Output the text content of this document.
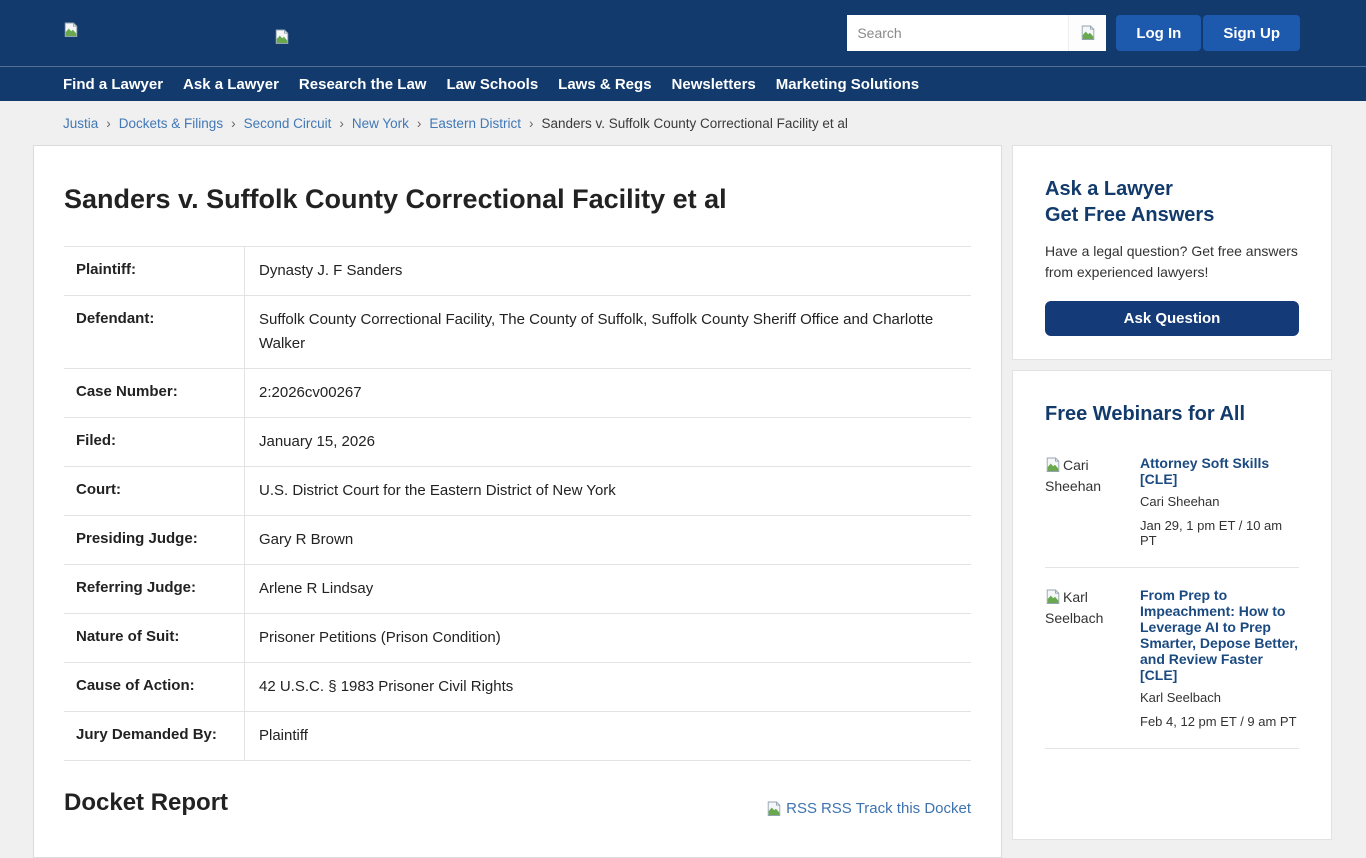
Search
Log In	Sign Up
Find a Lawyer Ask a Lawyer Research the Law Law Schools Laws & Regs Newsletters Marketing Solutions
Justia › Dockets & Filings › Second Circuit › New York › Eastern District › Sanders v. Suffolk County Correctional Facility et al
Sanders v. Suffolk County Correctional Facility et al
Plaintiff:	Dynasty J. F Sanders
Defendant:	Suffolk County Correctional Facility, The County of Suffolk, Suffolk County Sheriff Office and Charlotte Walker
Case Number:	2:2026cv00267
Filed:	January 15, 2026
Court:	U.S. District Court for the Eastern District of New York
Presiding Judge:	Gary R Brown
Referring Judge:	Arlene R Lindsay
Nature of Suit:	Prisoner Petitions (Prison Condition)
Cause of Action:	42 U.S.C. § 1983 Prisoner Civil Rights
Jury Demanded By:	Plaintiff
Docket Report	RSS RSS Track this Docket
Ask a Lawyer
Get Free Answers

Have a legal question? Get free answers from experienced lawyers!

Ask Question
Free Webinars for All
Cari Sheehan
Attorney Soft Skills [CLE]
Cari Sheehan
Jan 29, 1 pm ET / 10 am PT
Karl Seelbach
From Prep to Impeachment: How to Leverage AI to Prep Smarter, Depose Better, and Review Faster [CLE]
Karl Seelbach
Feb 4, 12 pm ET / 9 am PT
